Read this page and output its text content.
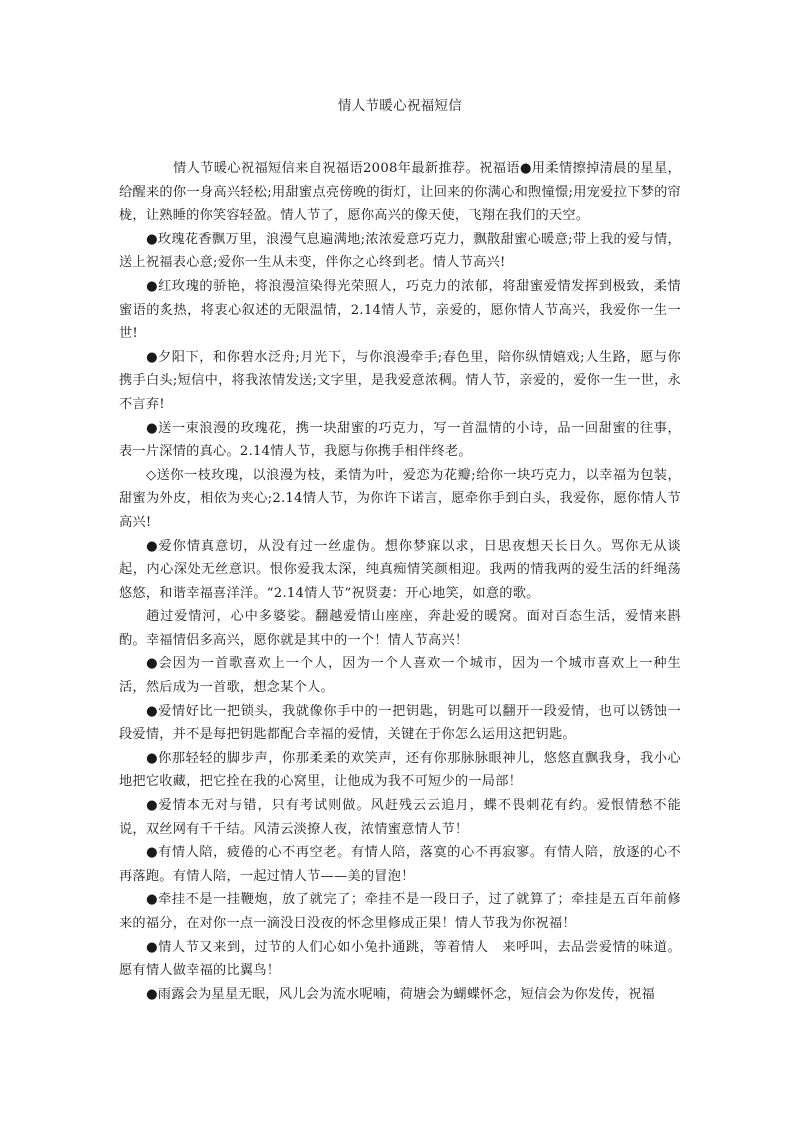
情人节暖心祝福短信

情人节暖心祝福短信来自祝福语2008年最新推荐。祝福语●用柔情擦掉清晨的星星，给醒来的你一身高兴轻松;用甜蜜点亮傍晚的街灯，让回来的你满心和煦憧憬;用宠爱拉下梦的帘栊，让熟睡的你笑容轻盈。情人节了，愿你高兴的像天使，飞翔在我们的天空。

●玫瑰花香飘万里，浪漫气息遍满地;浓浓爱意巧克力，飘散甜蜜心暖意;带上我的爱与情，送上祝福表心意;爱你一生从未变，伴你之心终到老。情人节高兴!

●红玫瑰的骄艳，将浪漫渲染得光荣照人，巧克力的浓郁，将甜蜜爱情发挥到极致，柔情蜜语的炙热，将衷心叙述的无限温情，2.14情人节，亲爱的，愿你情人节高兴，我爱你一生一世!

●夕阳下，和你碧水泛舟;月光下，与你浪漫牵手;春色里，陪你纵情嬉戏;人生路，愿与你携手白头;短信中，将我浓情发送;文字里，是我爱意浓稠。情人节，亲爱的，爱你一生一世，永不言弃!

●送一束浪漫的玫瑰花，携一块甜蜜的巧克力，写一首温情的小诗，品一回甜蜜的往事，表一片深情的真心。2.14情人节，我愿与你携手相伴终老。

◇送你一枝玫瑰，以浪漫为枝，柔情为叶，爱恋为花瓣;给你一块巧克力，以幸福为包装，甜蜜为外皮，相依为夹心;2.14情人节，为你许下诺言，愿牵你手到白头，我爱你，愿你情人节高兴!

●爱你情真意切，从没有过一丝虚伪。想你梦寐以求，日思夜想天长日久。骂你无从谈起，内心深处无丝意识。恨你爱我太深，纯真痴情笑颜相迎。我两的情我两的爱生活的纤绳荡悠悠，和谐幸福喜洋洋。“2.14情人节”祝贤妻：开心地笑，如意的歌。

趟过爱情河，心中多婆娑。翻越爱情山座座，奔赴爱的暖窝。面对百态生活，爱情来斟酌。幸福情侣多高兴，愿你就是其中的一个！情人节高兴！

●会因为一首歌喜欢上一个人，因为一个人喜欢一个城市，因为一个城市喜欢上一种生活，然后成为一首歌，想念某个人。

●爱情好比一把锁头，我就像你手中的一把钥匙，钥匙可以翻开一段爱情，也可以锈蚀一段爱情，并不是每把钥匙都配合幸福的爱情，关键在于你怎么运用这把钥匙。

●你那轻轻的脚步声，你那柔柔的欢笑声，还有你那脉脉眼神儿，悠悠直飘我身，我小心地把它收藏，把它拴在我的心窝里，让他成为我不可短少的一局部！

●爱情本无对与错，只有考试则做。风赶残云云追月，蝶不畏刺花有约。爱恨情愁不能说，双丝网有千千结。风清云淡撩人夜，浓情蜜意情人节！

●有情人陪，疲倦的心不再空老。有情人陪，落寞的心不再寂寥。有情人陪，放逐的心不再落跑。有情人陪，一起过情人节——美的冒泡！

●牵挂不是一挂鞭炮，放了就完了；牵挂不是一段日子，过了就算了；牵挂是五百年前修来的福分，在对你一点一滴没日没夜的怀念里修成正果！情人节我为你祝福！

●情人节又来到，过节的人们心如小兔扑通跳，等着情人　来呼叫，去品尝爱情的味道。愿有情人做幸福的比翼鸟！

●雨露会为星星无眠，风儿会为流水呢喃，荷塘会为蝴蝶怀念，短信会为你发传，祝福
